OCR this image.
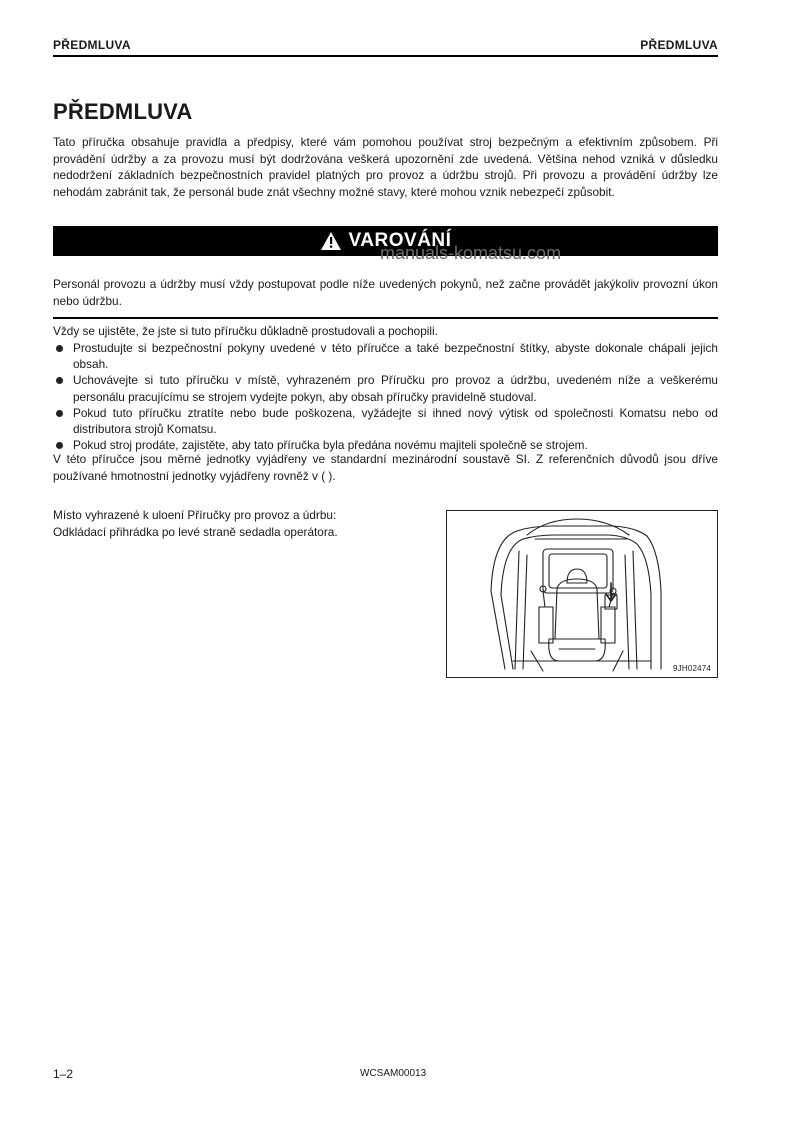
PŘEDMLUVA	PŘEDMLUVA
PŘEDMLUVA
Tato příručka obsahuje pravidla a předpisy, které vám pomohou používat stroj bezpečným a efektivním způsobem. Při provádění údržby a za provozu musí být dodržována veškerá upozornění zde uvedená. Většina nehod vzniká v důsledku nedodržení základních bezpečnostních pravidel platných pro provoz a údržbu strojů. Při provozu a provádění údržby lze nehodám zabránit tak, že personál bude znát všechny možné stavy, které mohou vznik nebezpečí způsobit.
VAROVÁNÍ
manuals-komatsu.com
Personál provozu a údržby musí vždy postupovat podle níže uvedených pokynů, než začne provádět jakýkoliv provozní úkon nebo údržbu.
Vždy se ujistěte, že jste si tuto příručku důkladně prostudovali a pochopili.
Prostudujte si bezpečnostní pokyny uvedené v této příručce a také bezpečnostní štítky, abyste dokonale chápali jejich obsah.
Uchovávejte si tuto příručku v místě, vyhrazeném pro Příručku pro provoz a údržbu, uvedeném níže a veškerému personálu pracujícímu se strojem vydejte pokyn, aby obsah příručky pravidelně studoval.
Pokud tuto příručku ztratíte nebo bude poškozena, vyžádejte si ihned nový výtisk od společnosti Komatsu nebo od distributora strojů Komatsu.
Pokud stroj prodáte, zajistěte, aby tato příručka byla předána novému majiteli společně se strojem.
V této příručce jsou měrné jednotky vyjádřeny ve standardní mezinárodní soustavě SI. Z referenčních důvodů jsou dříve používané hmotnostní jednotky vyjádřeny rovněž v ( ).
Místo vyhrazené k uloení Příručky pro provoz a údrbu:
Odkládací přihrádka po levé straně sedadla operátora.
9JH02474
1–2	WCSAM00013
